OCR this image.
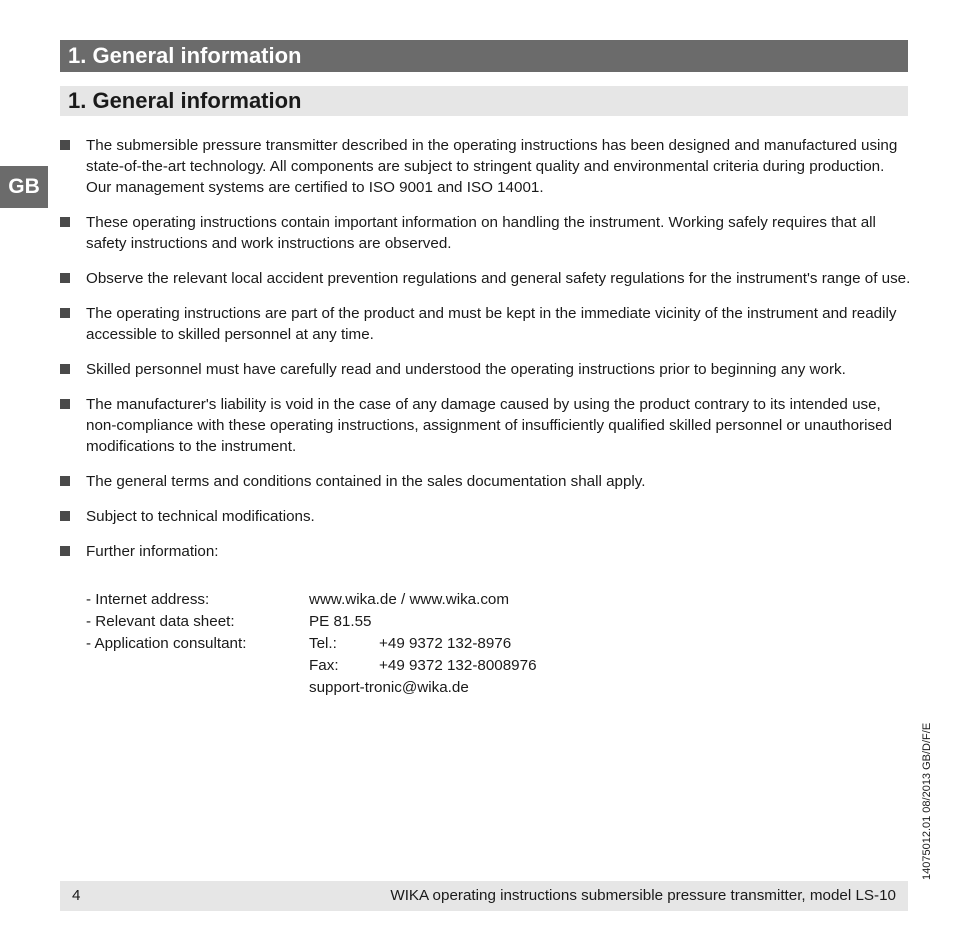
1. General information
1. General information
GB
The submersible pressure transmitter described in the operating instructions has been designed and manufactured using state-of-the-art technology. All components are subject to stringent quality and environmental criteria during production. Our management systems are certified to ISO 9001 and ISO 14001.
These operating instructions contain important information on handling the instrument. Working safely requires that all safety instructions and work instructions are observed.
Observe the relevant local accident prevention regulations and general safety regulations for the instrument's range of use.
The operating instructions are part of the product and must be kept in the immediate vicinity of the instrument and readily accessible to skilled personnel at any time.
Skilled personnel must have carefully read and understood the operating instructions prior to beginning any work.
The manufacturer's liability is void in the case of any damage caused by using the product contrary to its intended use, non-compliance with these operating instructions, assignment of insufficiently qualified skilled personnel or unauthorised modifications to the instrument.
The general terms and conditions contained in the sales documentation shall apply.
Subject to technical modifications.
Further information:
- Internet address:	www.wika.de / www.wika.com
- Relevant data sheet:	PE 81.55
- Application consultant:	Tel.:	+49 9372 132-8976
Fax:	+49 9372 132-8008976
support-tronic@wika.de
14075012.01 08/2013 GB/D/F/E
4	WIKA operating instructions submersible pressure transmitter, model LS-10
